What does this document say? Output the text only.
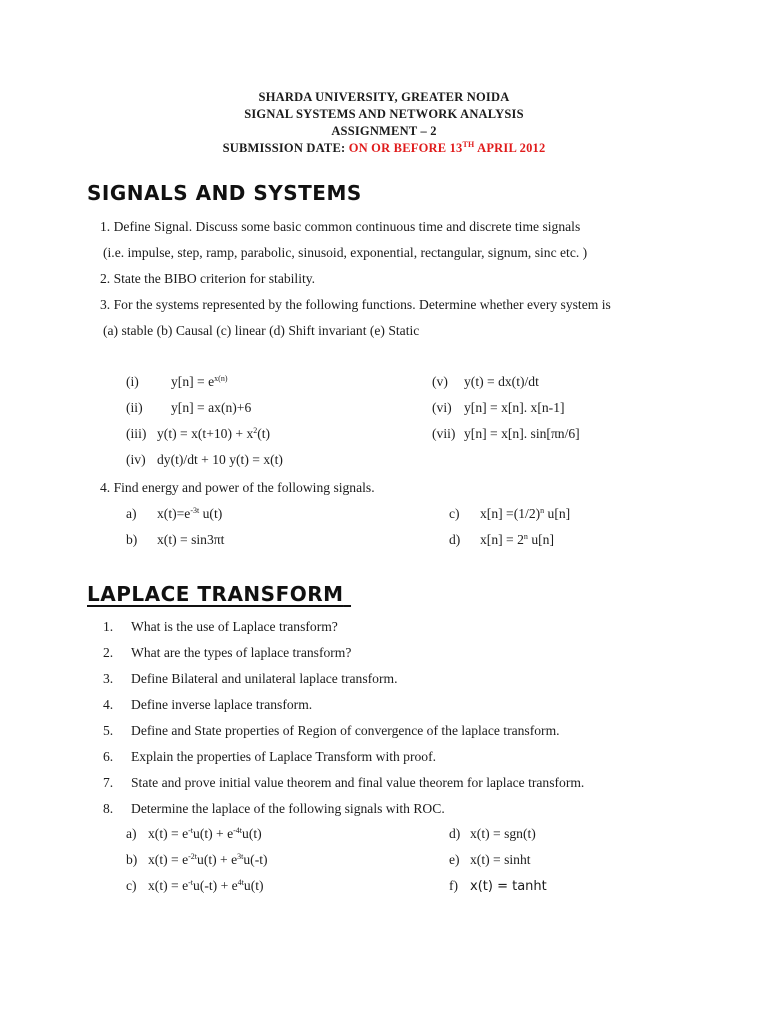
SHARDA UNIVERSITY, GREATER NOIDA
SIGNAL SYSTEMS AND NETWORK ANALYSIS
ASSIGNMENT – 2
SUBMISSION DATE: ON OR BEFORE 13TH APRIL 2012
SIGNALS AND SYSTEMS
1. Define Signal. Discuss some basic common continuous time and discrete time signals
(i.e. impulse, step, ramp, parabolic, sinusoid, exponential, rectangular, signum, sinc etc. )
2. State the BIBO criterion for stability.
3. For the systems represented by the following functions. Determine whether every system is
(a) stable (b) Causal (c) linear (d) Shift invariant (e) Static
(i) $y[n] = e^{x(n)}$
(ii) y[n] = ax(n)+6
(iii) $y(t) = x(t+10) + x^2(t)$
(iv) dy(t)/dt + 10 y(t) = x(t)
(v) y(t) = dx(t)/dt
(vi) y[n] = x[n]. x[n-1]
(vii) y[n] = x[n]. sin[πn/6]
4. Find energy and power of the following signals.
a) $x(t)=e^{-3t}$ u(t)
b) x(t) = sin3πt
c) $x[n] =(1/2)^n$ u[n]
d) $x[n] = 2^n$ u[n]
LAPLACE TRANSFORM
1. What is the use of Laplace transform?
2. What are the types of laplace transform?
3. Define Bilateral and unilateral laplace transform.
4. Define inverse laplace transform.
5. Define and State properties of Region of convergence of the laplace transform.
6. Explain the properties of Laplace Transform with proof.
7. State and prove initial value theorem and final value theorem for laplace transform.
8. Determine the laplace of the following signals with ROC.
a) $x(t) = e^{-t}u(t) + e^{-4t}u(t)$
b) $x(t) = e^{-2t}u(t) + e^{3t}u(-t)$
c) $x(t) = e^{-t}u(-t) + e^{4t}u(t)$
d) x(t) = sgn(t)
e) x(t) = sinht
f) x(t) = tanht
